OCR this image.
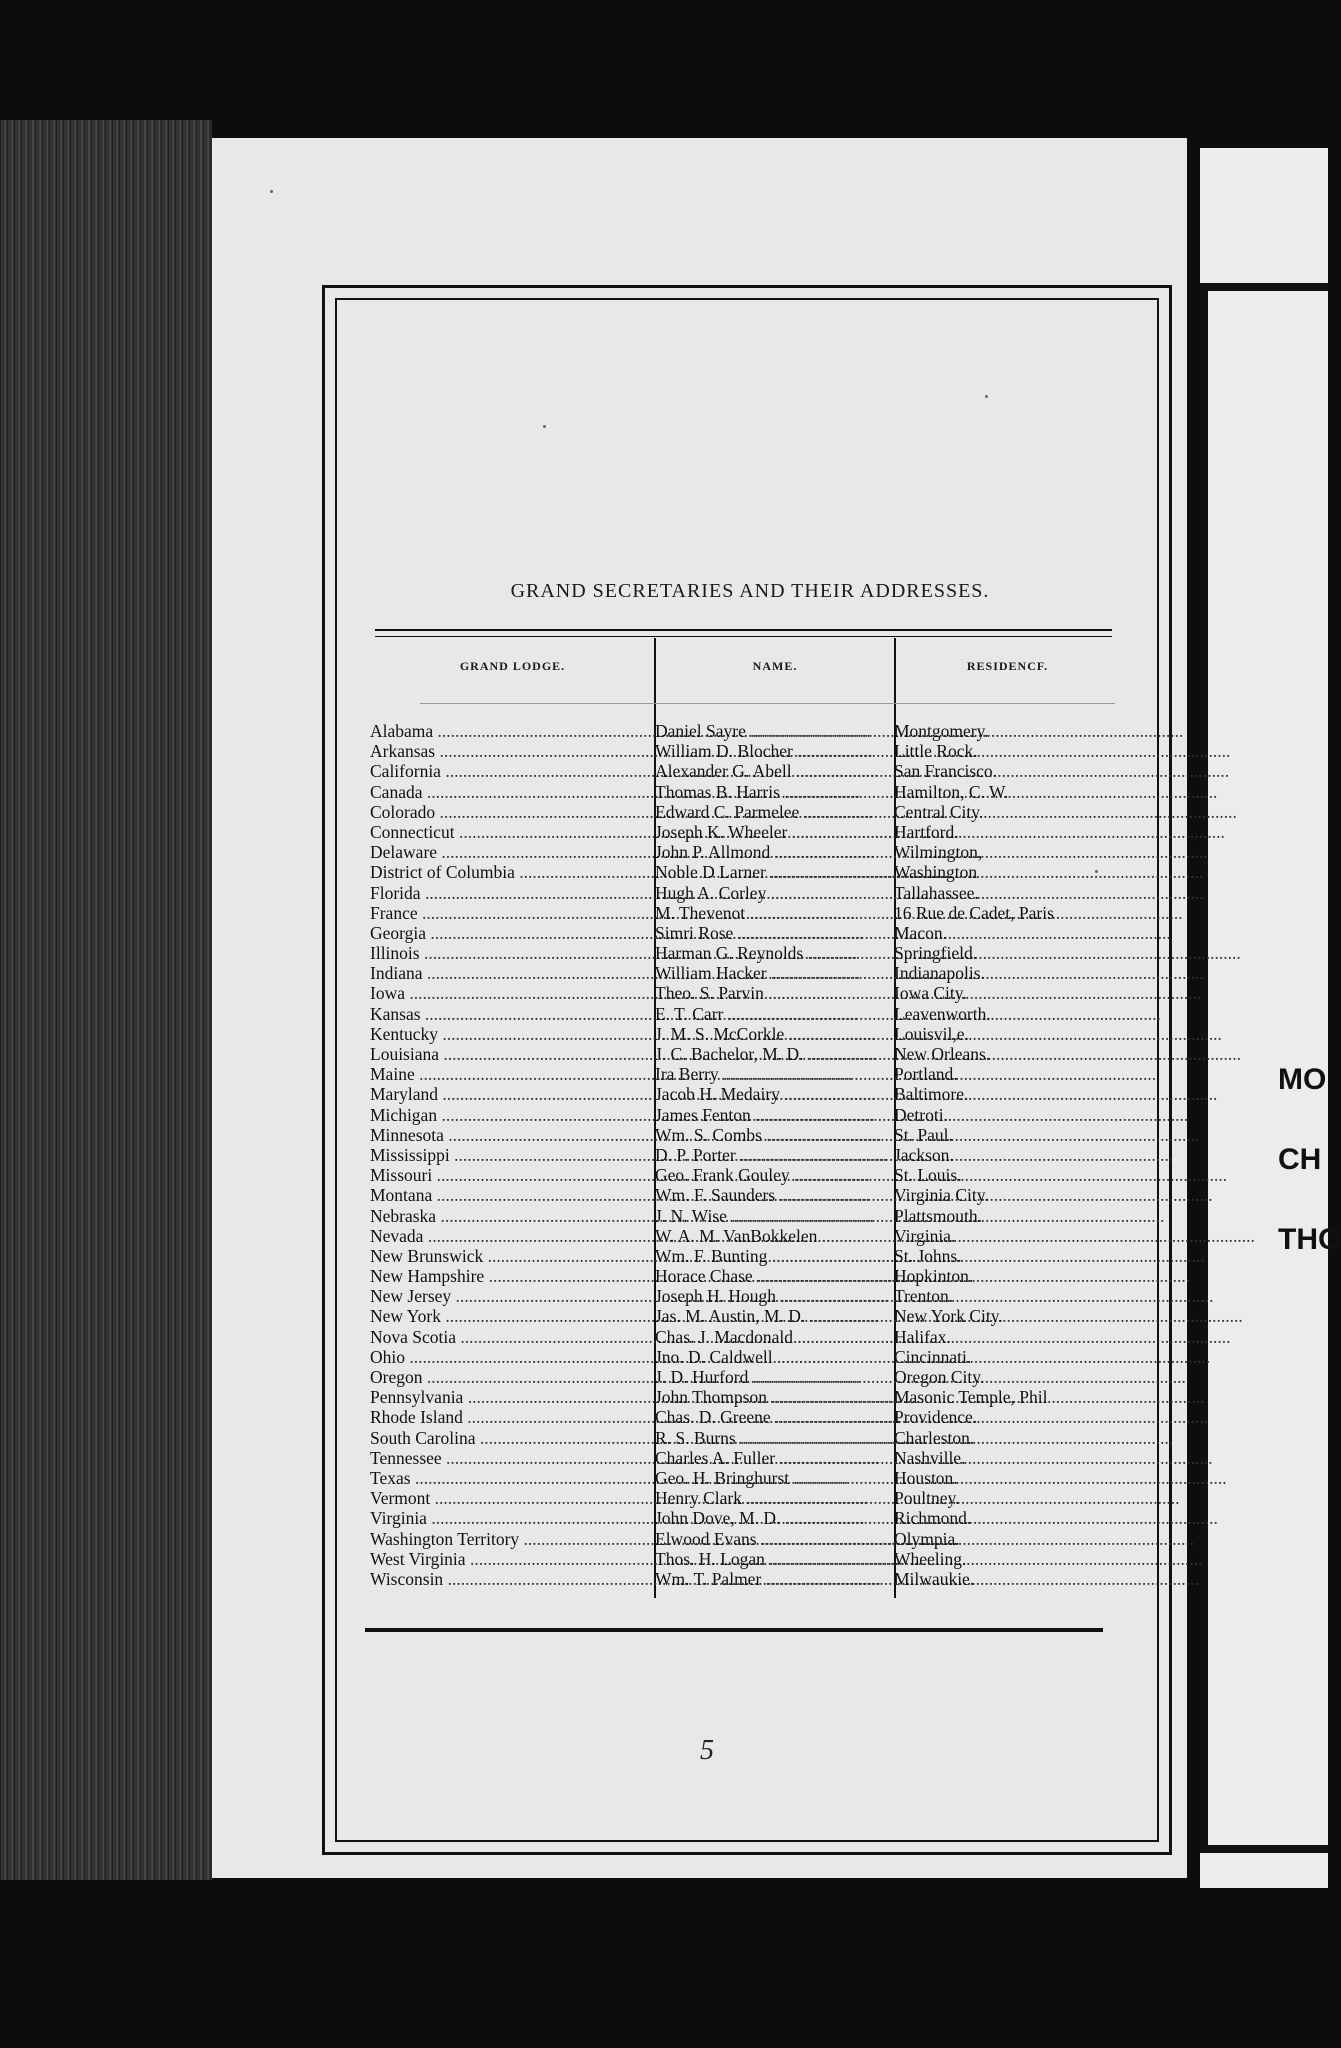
MO
CH
THO
GRAND SECRETARIES AND THEIR ADDRESSES.
GRAND LODGE.	NAME.	RESIDENCF.
Alabama .....	Daniel Sayre .....	Montgomery.
Arkansas .....	William D. Blocher .....	Little Rock.
California .....	Alexander G. Abell .....	San Francisco.
Canada .....	Thomas B. Harris .....	Hamilton, C. W.
Colorado .....	Edward C. Parmelee .....	Central City.
Connecticut .....	Joseph K. Wheeler .....	Hartford.
Delaware .....	John P. Allmond .....	Wilmington,
District of Columbia .....	Noble D Larner .....	Washington
Florida .....	Hugh A. Corley .....	Tallahassee.
France .....	M. Thevenot .....	16 Rue de Cadet, Paris
Georgia .....	Simri Rose .....	Macon.
Illinois .....	Harman G. Reynolds .....	Springfield.
Indiana .....	William Hacker .....	Indianapolis.
Iowa .....	Theo. S. Parvin .....	Iowa City.
Kansas .....	E. T. Carr .....	Leavenworth.
Kentucky .....	J. M. S. McCorkle .....	Louisvil,e.
Louisiana .....	J. C. Bachelor, M. D. .....	New Orleans.
Maine .....	Ira Berry .....	Portland.
Maryland .....	Jacob H. Medairy .....	Baltimore.
Michigan .....	James Fenton .....	Detroti.
Minnesota .....	Wm. S. Combs .....	St. Paul.
Mississippi .....	D. P. Porter .....	Jackson.
Missouri .....	Geo. Frank Gouley .....	St. Louis.
Montana .....	Wm. F. Saunders .....	Virginia City.
Nebraska .....	J. N. Wise .....	Plattsmouth.
Nevada .....	W. A. M. VanBokkelen .....	Virginia.
New Brunswick .....	Wm. F. Bunting .....	St. Johns.
New Hampshire .....	Horace Chase .....	Hopkinton.
New Jersey .....	Joseph H. Hough .....	Trenton.
New York .....	Jas. M. Austin, M. D. .....	New York City.
Nova Scotia .....	Chas. J. Macdonald .....	Halifax.
Ohio .....	Jno. D. Caldwell .....	Cincinnati.
Oregon .....	J. D. Hurford .....	Oregon City.
Pennsylvania .....	John Thompson .....	Masonic Temple, Phil
Rhode Island .....	Chas. D. Greene .....	Providence.
South Carolina .....	R. S. Burns .....	Charleston.
Tennessee .....	Charles A. Fuller .....	Nashville.
Texas .....	Geo. H. Bringhurst .....	Houston.
Vermont .....	Henry Clark .....	Poultney.
Virginia .....	John Dove, M. D. .....	Richmond.
Washington Territory .....	Elwood Evans .....	Olympia.
West Virginia .....	Thos. H. Logan .....	Wheeling.
Wisconsin .....	Wm. T. Palmer .....	Milwaukie.
5
